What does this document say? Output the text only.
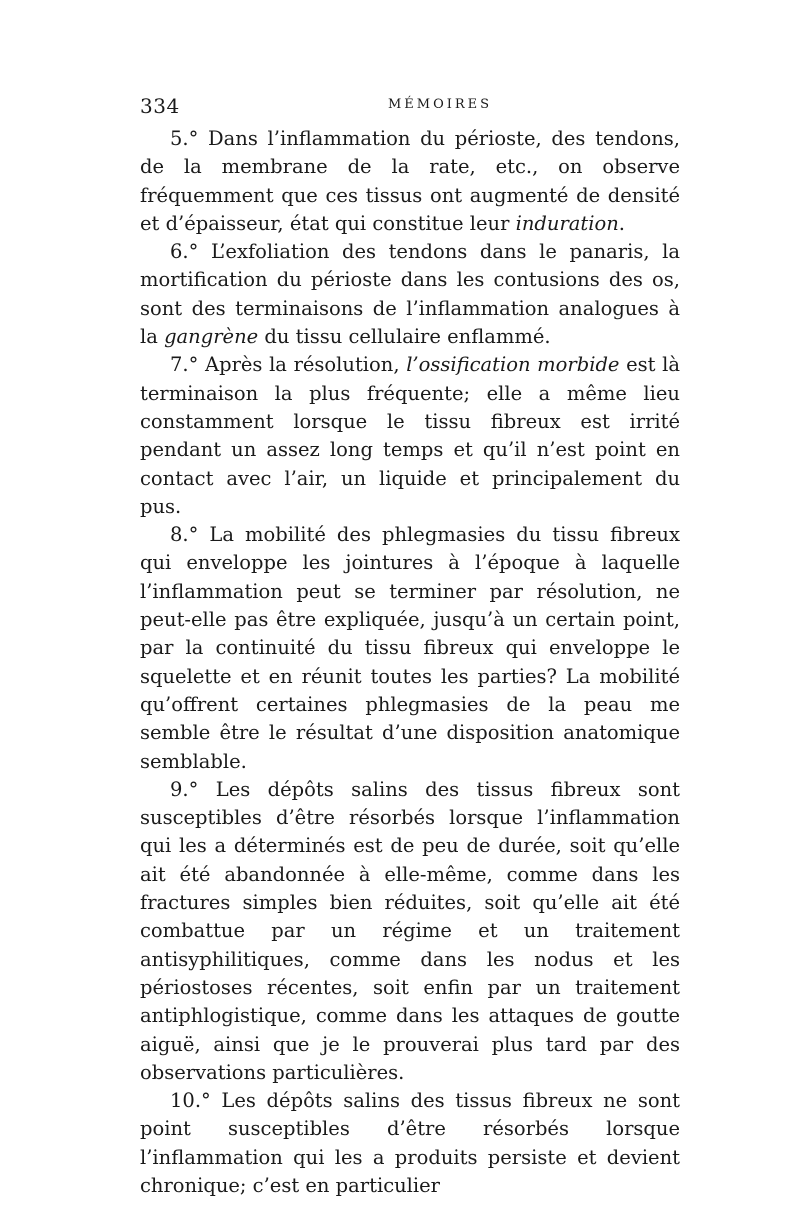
334	MÉMOIRES

5.° Dans l’inflammation du périoste, des tendons, de la membrane de la rate, etc., on observe fréquemment que ces tissus ont augmenté de densité et d’épaisseur, état qui constitue leur induration.

6.° L’exfoliation des tendons dans le panaris, la mortification du périoste dans les contusions des os, sont des terminaisons de l’inflammation analogues à la gangrène du tissu cellulaire enflammé.

7.° Après la résolution, l’ossification morbide est là terminaison la plus fréquente; elle a même lieu constamment lorsque le tissu fibreux est irrité pendant un assez long temps et qu’il n’est point en contact avec l’air, un liquide et principalement du pus.

8.° La mobilité des phlegmasies du tissu fibreux qui enveloppe les jointures à l’époque à laquelle l’inflammation peut se terminer par résolution, ne peut-elle pas être expliquée, jusqu’à un certain point, par la continuité du tissu fibreux qui enveloppe le squelette et en réunit toutes les parties? La mobilité qu’offrent certaines phlegmasies de la peau me semble être le résultat d’une disposition anatomique semblable.

9.° Les dépôts salins des tissus fibreux sont susceptibles d’être résorbés lorsque l’inflammation qui les a déterminés est de peu de durée, soit qu’elle ait été abandonnée à elle-même, comme dans les fractures simples bien réduites, soit qu’elle ait été combattue par un régime et un traitement antisyphilitiques, comme dans les nodus et les périostoses récentes, soit enfin par un traitement antiphlogistique, comme dans les attaques de goutte aiguë, ainsi que je le prouverai plus tard par des observations particulières.

10.° Les dépôts salins des tissus fibreux ne sont point susceptibles d’être résorbés lorsque l’inflammation qui les a produits persiste et devient chronique; c’est en particulier
